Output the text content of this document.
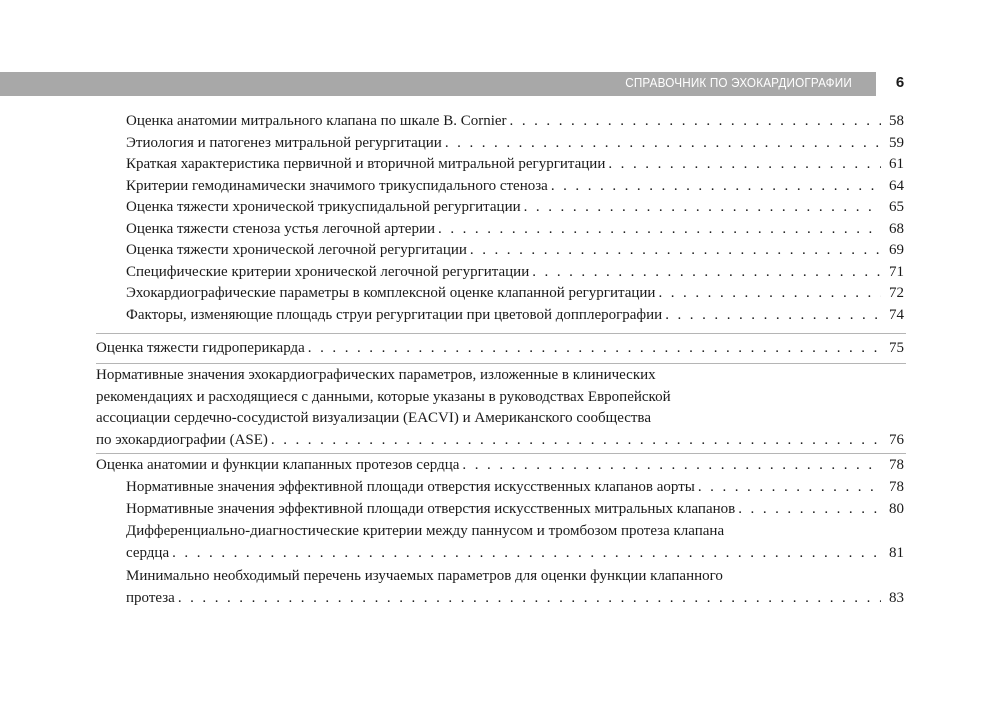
СПРАВОЧНИК ПО ЭХОКАРДИОГРАФИИ	6
Оценка анатомии митрального клапана по шкале В. Cornier . . .	58
Этиология и патогенез митральной регургитации . . .	59
Краткая характеристика первичной и вторичной митральной регургитации . . .	61
Критерии гемодинамически значимого трикуспидального стеноза . . .	64
Оценка тяжести хронической трикуспидальной регургитации . . .	65
Оценка тяжести стеноза устья легочной артерии . . .	68
Оценка тяжести хронической легочной регургитации . . .	69
Специфические критерии хронической легочной регургитации . . .	71
Эхокардиографические параметры в комплексной оценке клапанной регургитации . . .	72
Факторы, изменяющие площадь струи регургитации при цветовой допплерографии . . .	74
Оценка тяжести гидроперикарда . . .	75
Нормативные значения эхокардиографических параметров, изложенные в клинических
рекомендациях и расходящиеся с данными, которые указаны в руководствах Европейской
ассоциации сердечно-сосудистой визуализации (EACVI) и Американского сообщества
по эхокардиографии (ASE) . . .	76
Оценка анатомии и функции клапанных протезов сердца . . .	78
Нормативные значения эффективной площади отверстия искусственных клапанов аорты . . .	78
Нормативные значения эффективной площади отверстия искусственных митральных клапанов . . .	80
Дифференциально-диагностические критерии между паннусом и тромбозом протеза клапана
сердца . . .	81
Минимально необходимый перечень изучаемых параметров для оценки функции клапанного
протеза . . .	83
